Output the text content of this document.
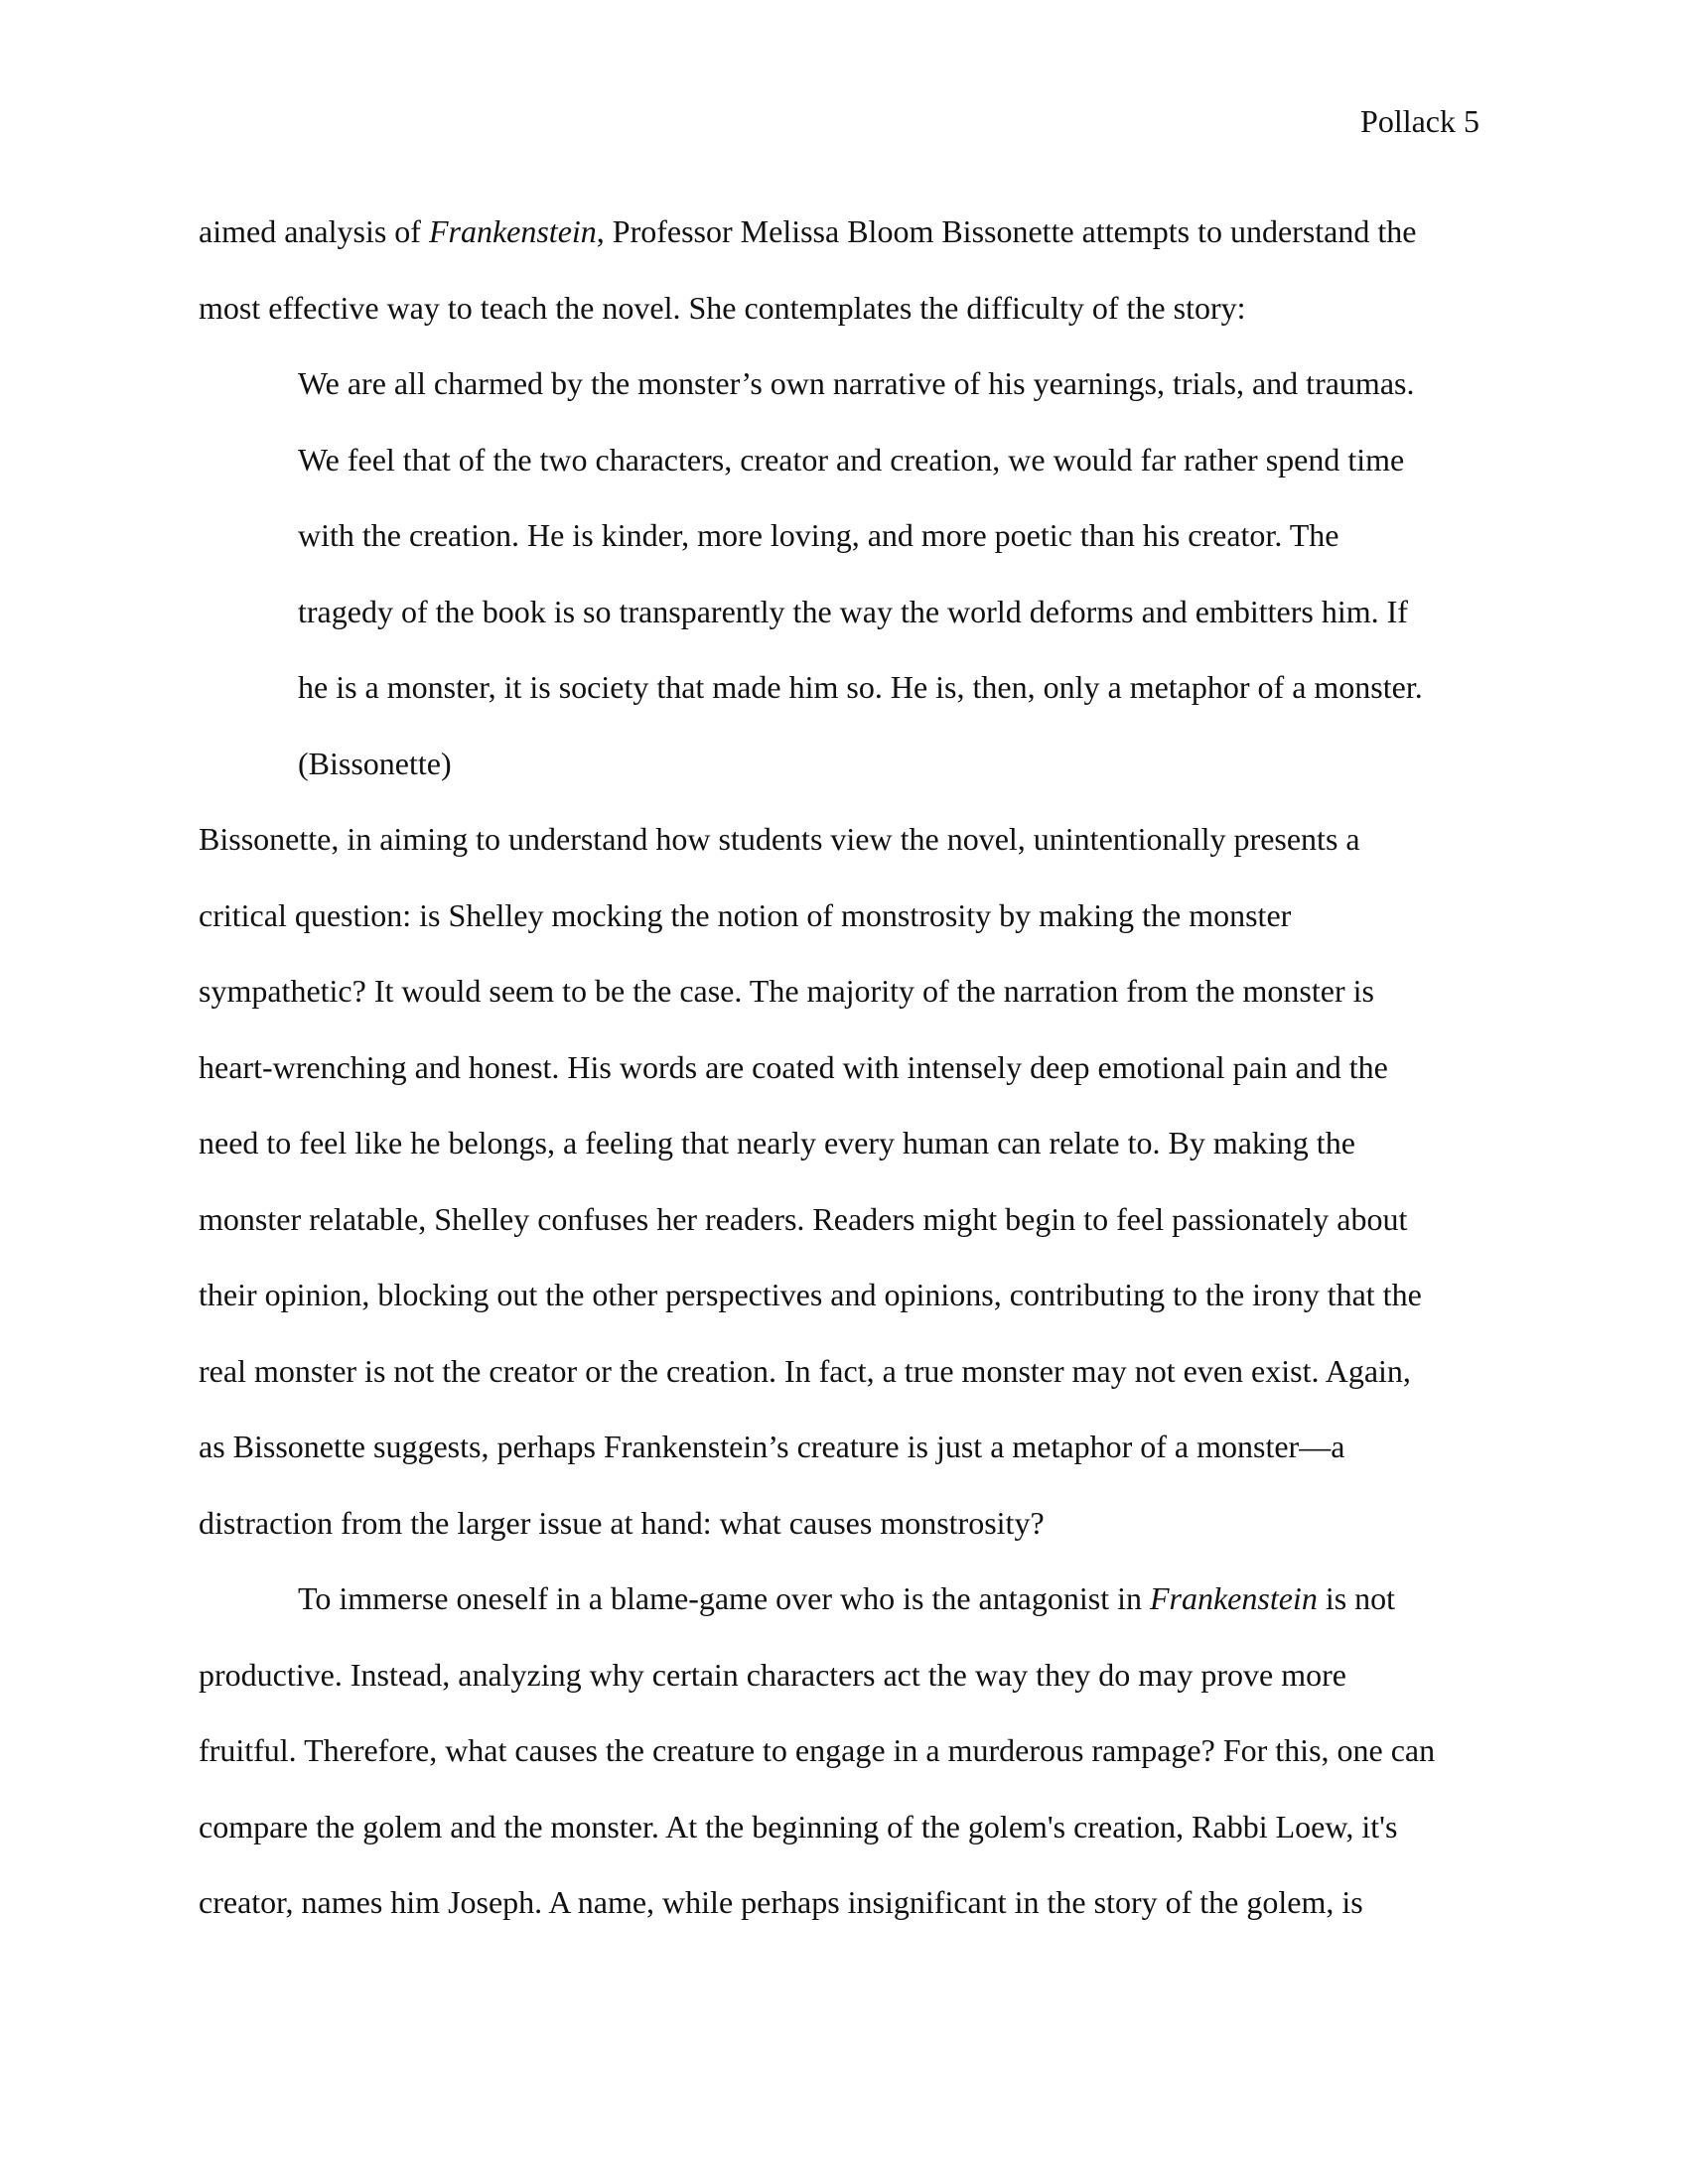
Pollack 5
aimed analysis of Frankenstein, Professor Melissa Bloom Bissonette attempts to understand the
most effective way to teach the novel. She contemplates the difficulty of the story:
We are all charmed by the monster’s own narrative of his yearnings, trials, and traumas.
We feel that of the two characters, creator and creation, we would far rather spend time
with the creation. He is kinder, more loving, and more poetic than his creator. The
tragedy of the book is so transparently the way the world deforms and embitters him. If
he is a monster, it is society that made him so. He is, then, only a metaphor of a monster.
(Bissonette)
Bissonette, in aiming to understand how students view the novel, unintentionally presents a
critical question: is Shelley mocking the notion of monstrosity by making the monster
sympathetic? It would seem to be the case. The majority of the narration from the monster is
heart-wrenching and honest. His words are coated with intensely deep emotional pain and the
need to feel like he belongs, a feeling that nearly every human can relate to. By making the
monster relatable, Shelley confuses her readers. Readers might begin to feel passionately about
their opinion, blocking out the other perspectives and opinions, contributing to the irony that the
real monster is not the creator or the creation. In fact, a true monster may not even exist. Again,
as Bissonette suggests, perhaps Frankenstein’s creature is just a metaphor of a monster—a
distraction from the larger issue at hand: what causes monstrosity?
To immerse oneself in a blame-game over who is the antagonist in Frankenstein is not
productive. Instead, analyzing why certain characters act the way they do may prove more
fruitful. Therefore, what causes the creature to engage in a murderous rampage? For this, one can
compare the golem and the monster. At the beginning of the golem's creation, Rabbi Loew, it's
creator, names him Joseph. A name, while perhaps insignificant in the story of the golem, is
